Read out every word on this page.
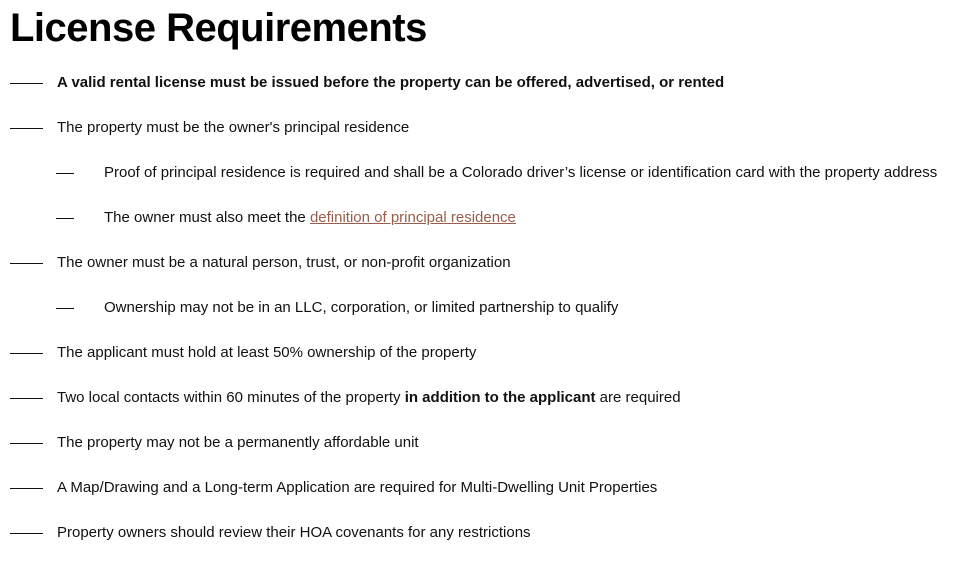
License Requirements
A valid rental license must be issued before the property can be offered, advertised, or rented
The property must be the owner's principal residence
Proof of principal residence is required and shall be a Colorado driver’s license or identification card with the property address
The owner must also meet the definition of principal residence
The owner must be a natural person, trust, or non-profit organization
Ownership may not be in an LLC, corporation, or limited partnership to qualify
The applicant must hold at least 50% ownership of the property
Two local contacts within 60 minutes of the property in addition to the applicant are required
The property may not be a permanently affordable unit
A Map/Drawing and a Long-term Application are required for Multi-Dwelling Unit Properties
Property owners should review their HOA covenants for any restrictions
